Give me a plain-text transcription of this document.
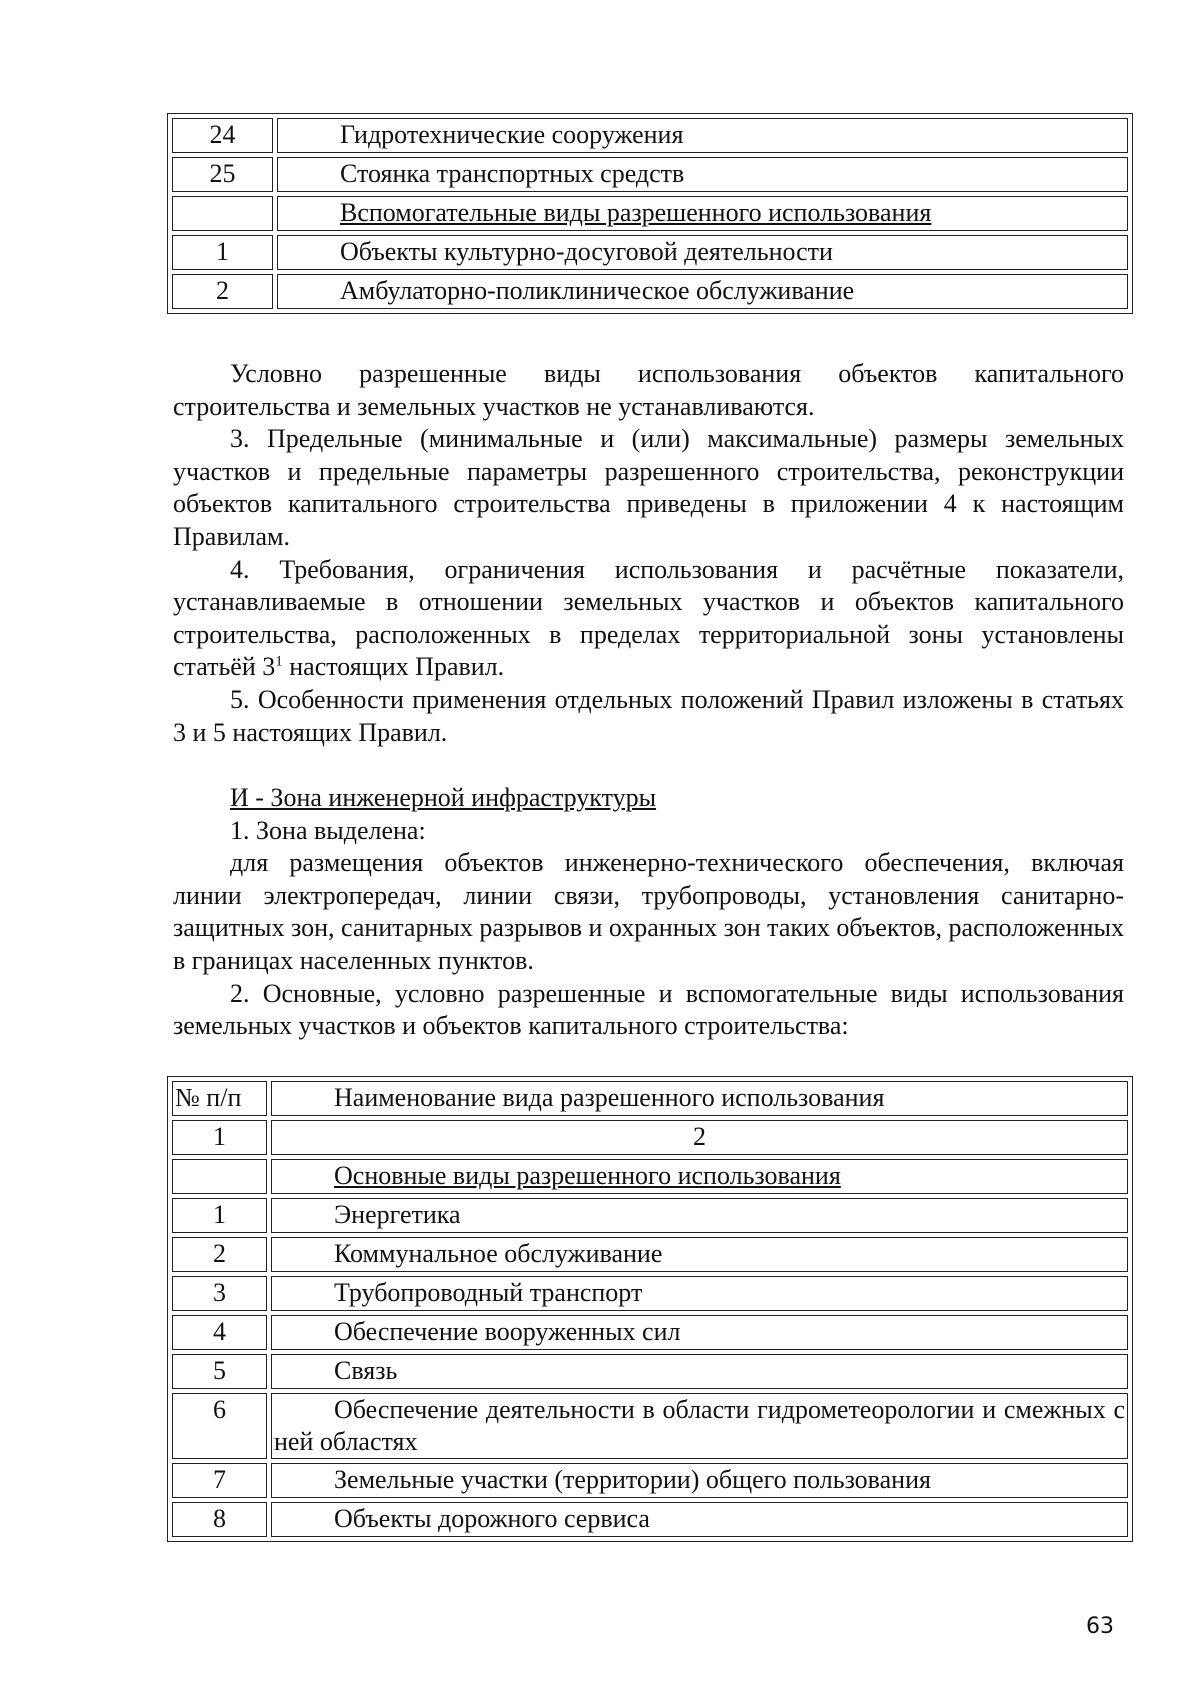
24	Гидротехнические сооружения
25	Стоянка транспортных средств
	Вспомогательные виды разрешенного использования
1	Объекты культурно-досуговой деятельности
2	Амбулаторно-поликлиническое обслуживание

Условно разрешенные виды использования объектов капитального строительства и земельных участков не устанавливаются.

3. Предельные (минимальные и (или) максимальные) размеры земельных участков и предельные параметры разрешенного строительства, реконструкции объектов капитального строительства приведены в приложении 4 к настоящим Правилам.

4. Требования, ограничения использования и расчётные показатели, устанавливаемые в отношении земельных участков и объектов капитального строительства, расположенных в пределах территориальной зоны установлены статьёй $3^1$ настоящих Правил.

5. Особенности применения отдельных положений Правил изложены в статьях 3 и 5 настоящих Правил.

И - Зона инженерной инфраструктуры

1. Зона выделена:

для размещения объектов инженерно-технического обеспечения, включая линии электропередач, линии связи, трубопроводы, установления санитарно-защитных зон, санитарных разрывов и охранных зон таких объектов, расположенных в границах населенных пунктов.

2. Основные, условно разрешенные и вспомогательные виды использования земельных участков и объектов капитального строительства:

№ п/п	Наименование вида разрешенного использования
1	2
	Основные виды разрешенного использования
1	Энергетика
2	Коммунальное обслуживание
3	Трубопроводный транспорт
4	Обеспечение вооруженных сил
5	Связь
6	Обеспечение деятельности в области гидрометеорологии и смежных с ней областях
7	Земельные участки (территории) общего пользования
8	Объекты дорожного сервиса
63
